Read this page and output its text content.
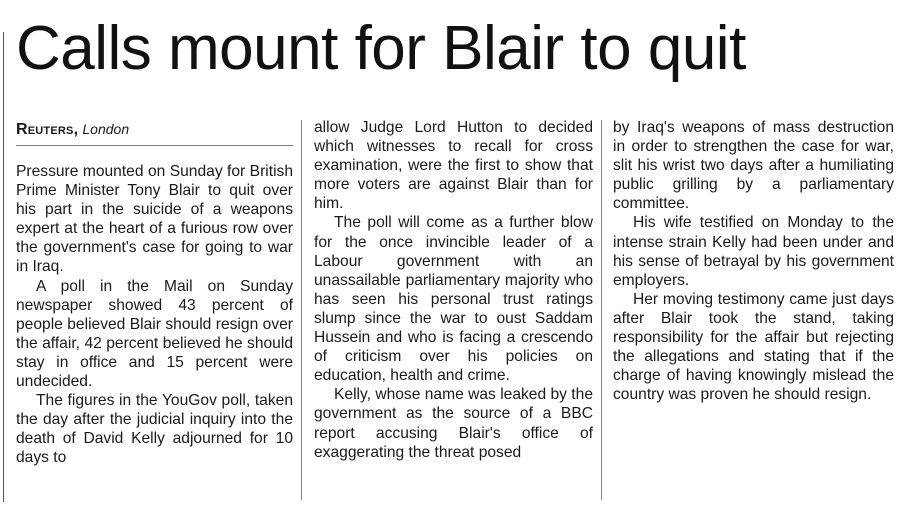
Calls mount for Blair to quit
Reuters, London

Pressure mounted on Sunday for British Prime Minister Tony Blair to quit over his part in the suicide of a weapons expert at the heart of a furious row over the government's case for going to war in Iraq.

A poll in the Mail on Sunday newspaper showed 43 percent of people believed Blair should resign over the affair, 42 percent believed he should stay in office and 15 percent were undecided.

The figures in the YouGov poll, taken the day after the judicial inquiry into the death of David Kelly adjourned for 10 days to

allow Judge Lord Hutton to decided which witnesses to recall for cross examination, were the first to show that more voters are against Blair than for him.

The poll will come as a further blow for the once invincible leader of a Labour government with an unassailable parliamentary majority who has seen his personal trust ratings slump since the war to oust Saddam Hussein and who is facing a crescendo of criticism over his policies on education, health and crime.

Kelly, whose name was leaked by the government as the source of a BBC report accusing Blair's office of exaggerating the threat posed

by Iraq's weapons of mass destruction in order to strengthen the case for war, slit his wrist two days after a humiliating public grilling by a parliamentary committee.

His wife testified on Monday to the intense strain Kelly had been under and his sense of betrayal by his government employers.

Her moving testimony came just days after Blair took the stand, taking responsibility for the affair but rejecting the allegations and stating that if the charge of having knowingly mislead the country was proven he should resign.
